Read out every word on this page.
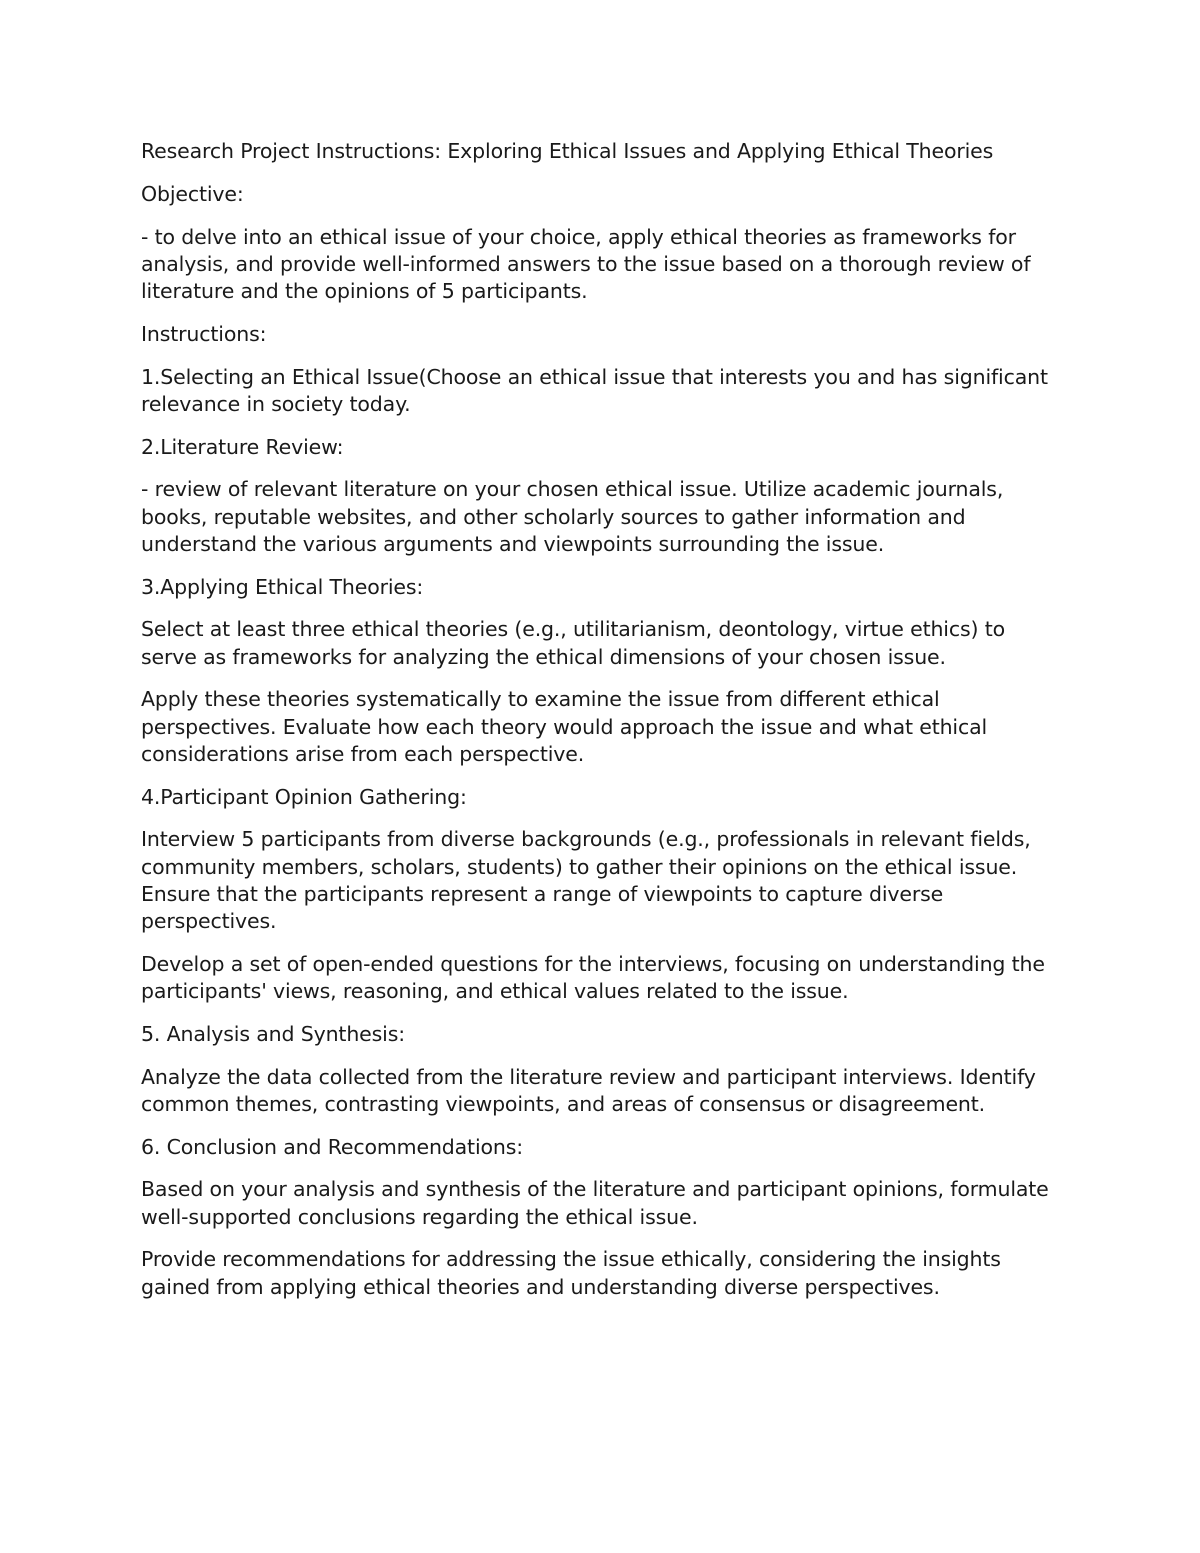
Research Project Instructions: Exploring Ethical Issues and Applying Ethical Theories

Objective:

- to delve into an ethical issue of your choice, apply ethical theories as frameworks for analysis, and provide well-informed answers to the issue based on a thorough review of literature and the opinions of 5 participants.

Instructions:

1.Selecting an Ethical Issue(Choose an ethical issue that interests you and has significant relevance in society today.

2.Literature Review:

- review of relevant literature on your chosen ethical issue. Utilize academic journals, books, reputable websites, and other scholarly sources to gather information and understand the various arguments and viewpoints surrounding the issue.

3.Applying Ethical Theories:

Select at least three ethical theories (e.g., utilitarianism, deontology, virtue ethics) to serve as frameworks for analyzing the ethical dimensions of your chosen issue.

Apply these theories systematically to examine the issue from different ethical perspectives. Evaluate how each theory would approach the issue and what ethical considerations arise from each perspective.

4.Participant Opinion Gathering:

Interview 5 participants from diverse backgrounds (e.g., professionals in relevant fields, community members, scholars, students) to gather their opinions on the ethical issue. Ensure that the participants represent a range of viewpoints to capture diverse perspectives.

Develop a set of open-ended questions for the interviews, focusing on understanding the participants' views, reasoning, and ethical values related to the issue.

5. Analysis and Synthesis:

Analyze the data collected from the literature review and participant interviews. Identify common themes, contrasting viewpoints, and areas of consensus or disagreement.

6. Conclusion and Recommendations:

Based on your analysis and synthesis of the literature and participant opinions, formulate well-supported conclusions regarding the ethical issue.

Provide recommendations for addressing the issue ethically, considering the insights gained from applying ethical theories and understanding diverse perspectives.
